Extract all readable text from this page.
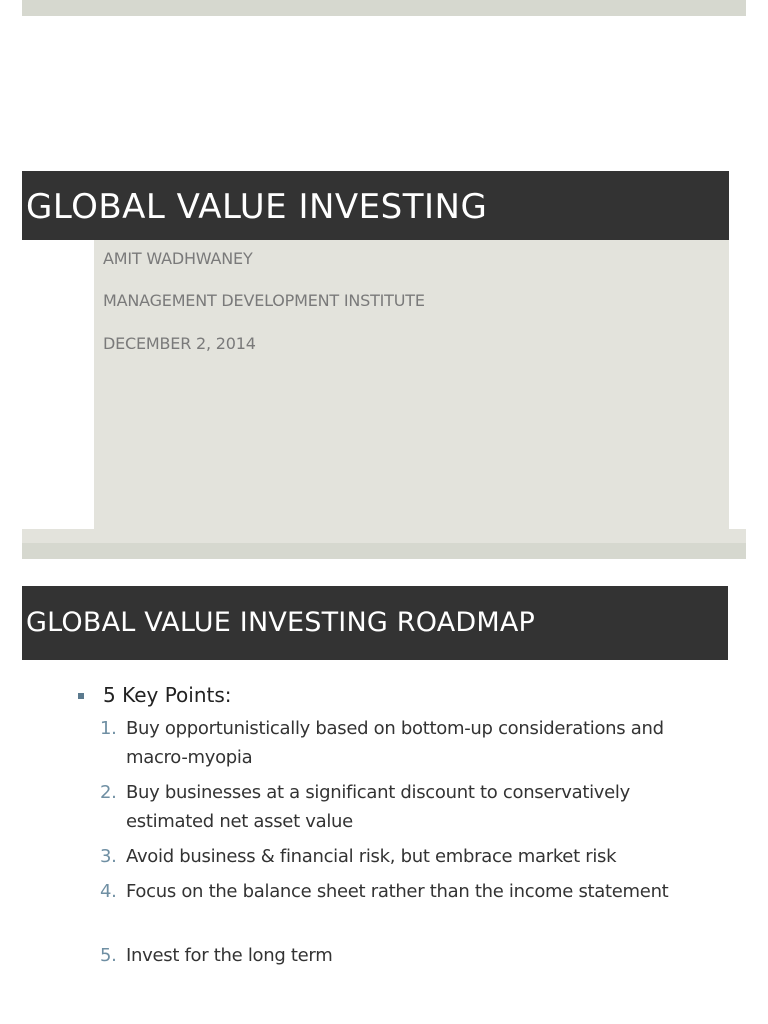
GLOBAL VALUE INVESTING

AMIT WADHWANEY

MANAGEMENT DEVELOPMENT INSTITUTE

DECEMBER 2, 2014

GLOBAL VALUE INVESTING ROADMAP

5 Key Points:

1. Buy opportunistically based on bottom-up considerations and macro-myopia
2. Buy businesses at a significant discount to conservatively estimated net asset value
3. Avoid business & financial risk, but embrace market risk
4. Focus on the balance sheet rather than the income statement
5. Invest for the long term
